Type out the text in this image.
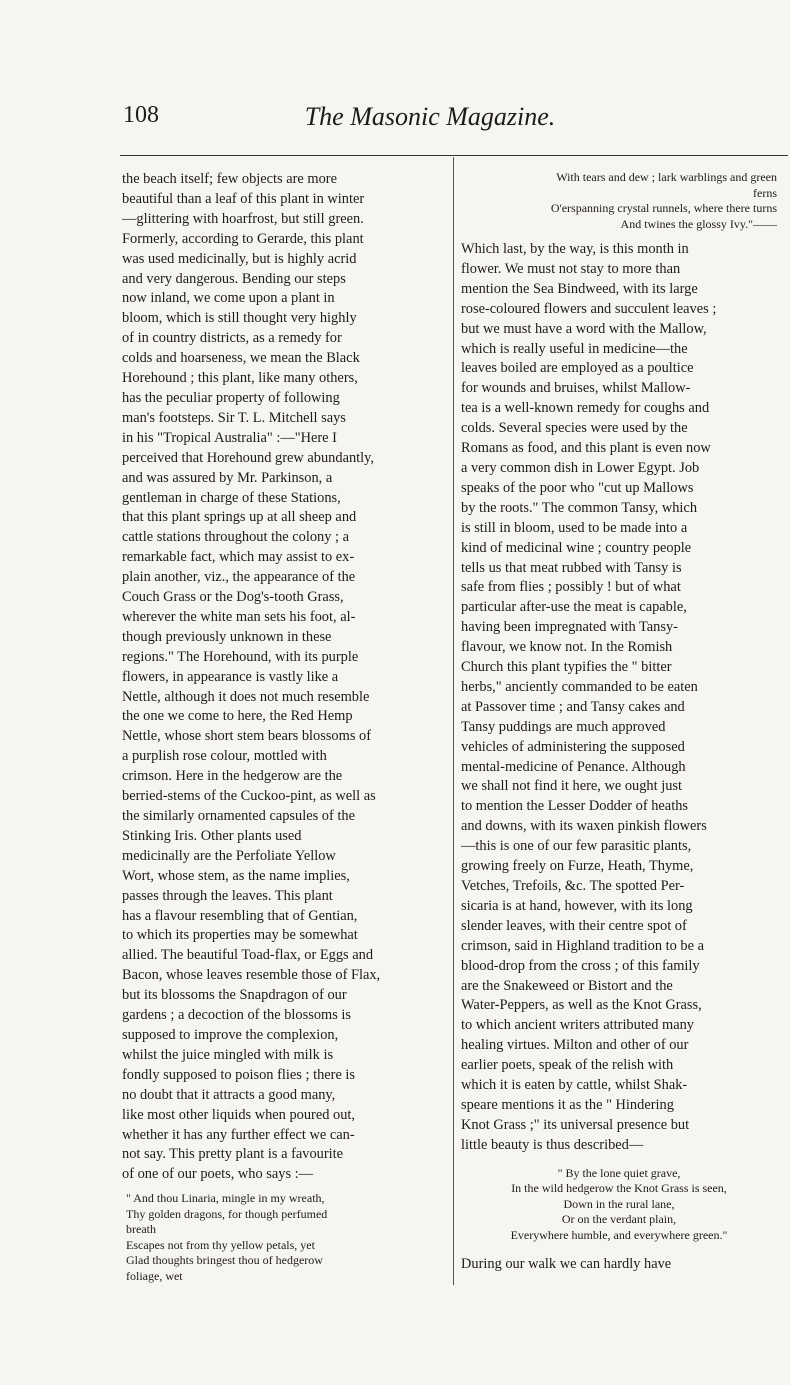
108	The Masonic Magazine.

the beach itself; few objects are more
beautiful than a leaf of this plant in winter
—glittering with hoarfrost, but still green.
Formerly, according to Gerarde, this plant
was used medicinally, but is highly acrid
and very dangerous. Bending our steps
now inland, we come upon a plant in
bloom, which is still thought very highly
of in country districts, as a remedy for
colds and hoarseness, we mean the Black
Horehound ; this plant, like many others,
has the peculiar property of following
man's footsteps. Sir T. L. Mitchell says
in his "Tropical Australia" :—"Here I
perceived that Horehound grew abundantly,
and was assured by Mr. Parkinson, a
gentleman in charge of these Stations,
that this plant springs up at all sheep and
cattle stations throughout the colony ; a
remarkable fact, which may assist to ex-
plain another, viz., the appearance of the
Couch Grass or the Dog's-tooth Grass,
wherever the white man sets his foot, al-
though previously unknown in these
regions." The Horehound, with its purple
flowers, in appearance is vastly like a
Nettle, although it does not much resemble
the one we come to here, the Red Hemp
Nettle, whose short stem bears blossoms of
a purplish rose colour, mottled with
crimson. Here in the hedgerow are the
berried-stems of the Cuckoo-pint, as well as
the similarly ornamented capsules of the
Stinking Iris. Other plants used
medicinally are the Perfoliate Yellow
Wort, whose stem, as the name implies,
passes through the leaves. This plant
has a flavour resembling that of Gentian,
to which its properties may be somewhat
allied. The beautiful Toad-flax, or Eggs and
Bacon, whose leaves resemble those of Flax,
but its blossoms the Snapdragon of our
gardens ; a decoction of the blossoms is
supposed to improve the complexion,
whilst the juice mingled with milk is
fondly supposed to poison flies ; there is
no doubt that it attracts a good many,
like most other liquids when poured out,
whether it has any further effect we can-
not say. This pretty plant is a favourite
of one of our poets, who says :—

" And thou Linaria, mingle in my wreath,
Thy golden dragons, for though perfumed
breath
Escapes not from thy yellow petals, yet
Glad thoughts bringest thou of hedgerow
foliage, wet

With tears and dew ; lark warblings and green
ferns
O'erspanning crystal runnels, where there turns
And twines the glossy Ivy."——

Which last, by the way, is this month in
flower. We must not stay to more than
mention the Sea Bindweed, with its large
rose-coloured flowers and succulent leaves ;
but we must have a word with the Mallow,
which is really useful in medicine—the
leaves boiled are employed as a poultice
for wounds and bruises, whilst Mallow-
tea is a well-known remedy for coughs and
colds. Several species were used by the
Romans as food, and this plant is even now
a very common dish in Lower Egypt. Job
speaks of the poor who "cut up Mallows
by the roots." The common Tansy, which
is still in bloom, used to be made into a
kind of medicinal wine ; country people
tells us that meat rubbed with Tansy is
safe from flies ; possibly ! but of what
particular after-use the meat is capable,
having been impregnated with Tansy-
flavour, we know not. In the Romish
Church this plant typifies the " bitter
herbs," anciently commanded to be eaten
at Passover time ; and Tansy cakes and
Tansy puddings are much approved
vehicles of administering the supposed
mental-medicine of Penance. Although
we shall not find it here, we ought just
to mention the Lesser Dodder of heaths
and downs, with its waxen pinkish flowers
—this is one of our few parasitic plants,
growing freely on Furze, Heath, Thyme,
Vetches, Trefoils, &c. The spotted Per-
sicaria is at hand, however, with its long
slender leaves, with their centre spot of
crimson, said in Highland tradition to be a
blood-drop from the cross ; of this family
are the Snakeweed or Bistort and the
Water-Peppers, as well as the Knot Grass,
to which ancient writers attributed many
healing virtues. Milton and other of our
earlier poets, speak of the relish with
which it is eaten by cattle, whilst Shak-
speare mentions it as the " Hindering
Knot Grass ;" its universal presence but
little beauty is thus described—

" By the lone quiet grave,
In the wild hedgerow the Knot Grass is seen,
Down in the rural lane,
Or on the verdant plain,
Everywhere humble, and everywhere green."

During our walk we can hardly have
